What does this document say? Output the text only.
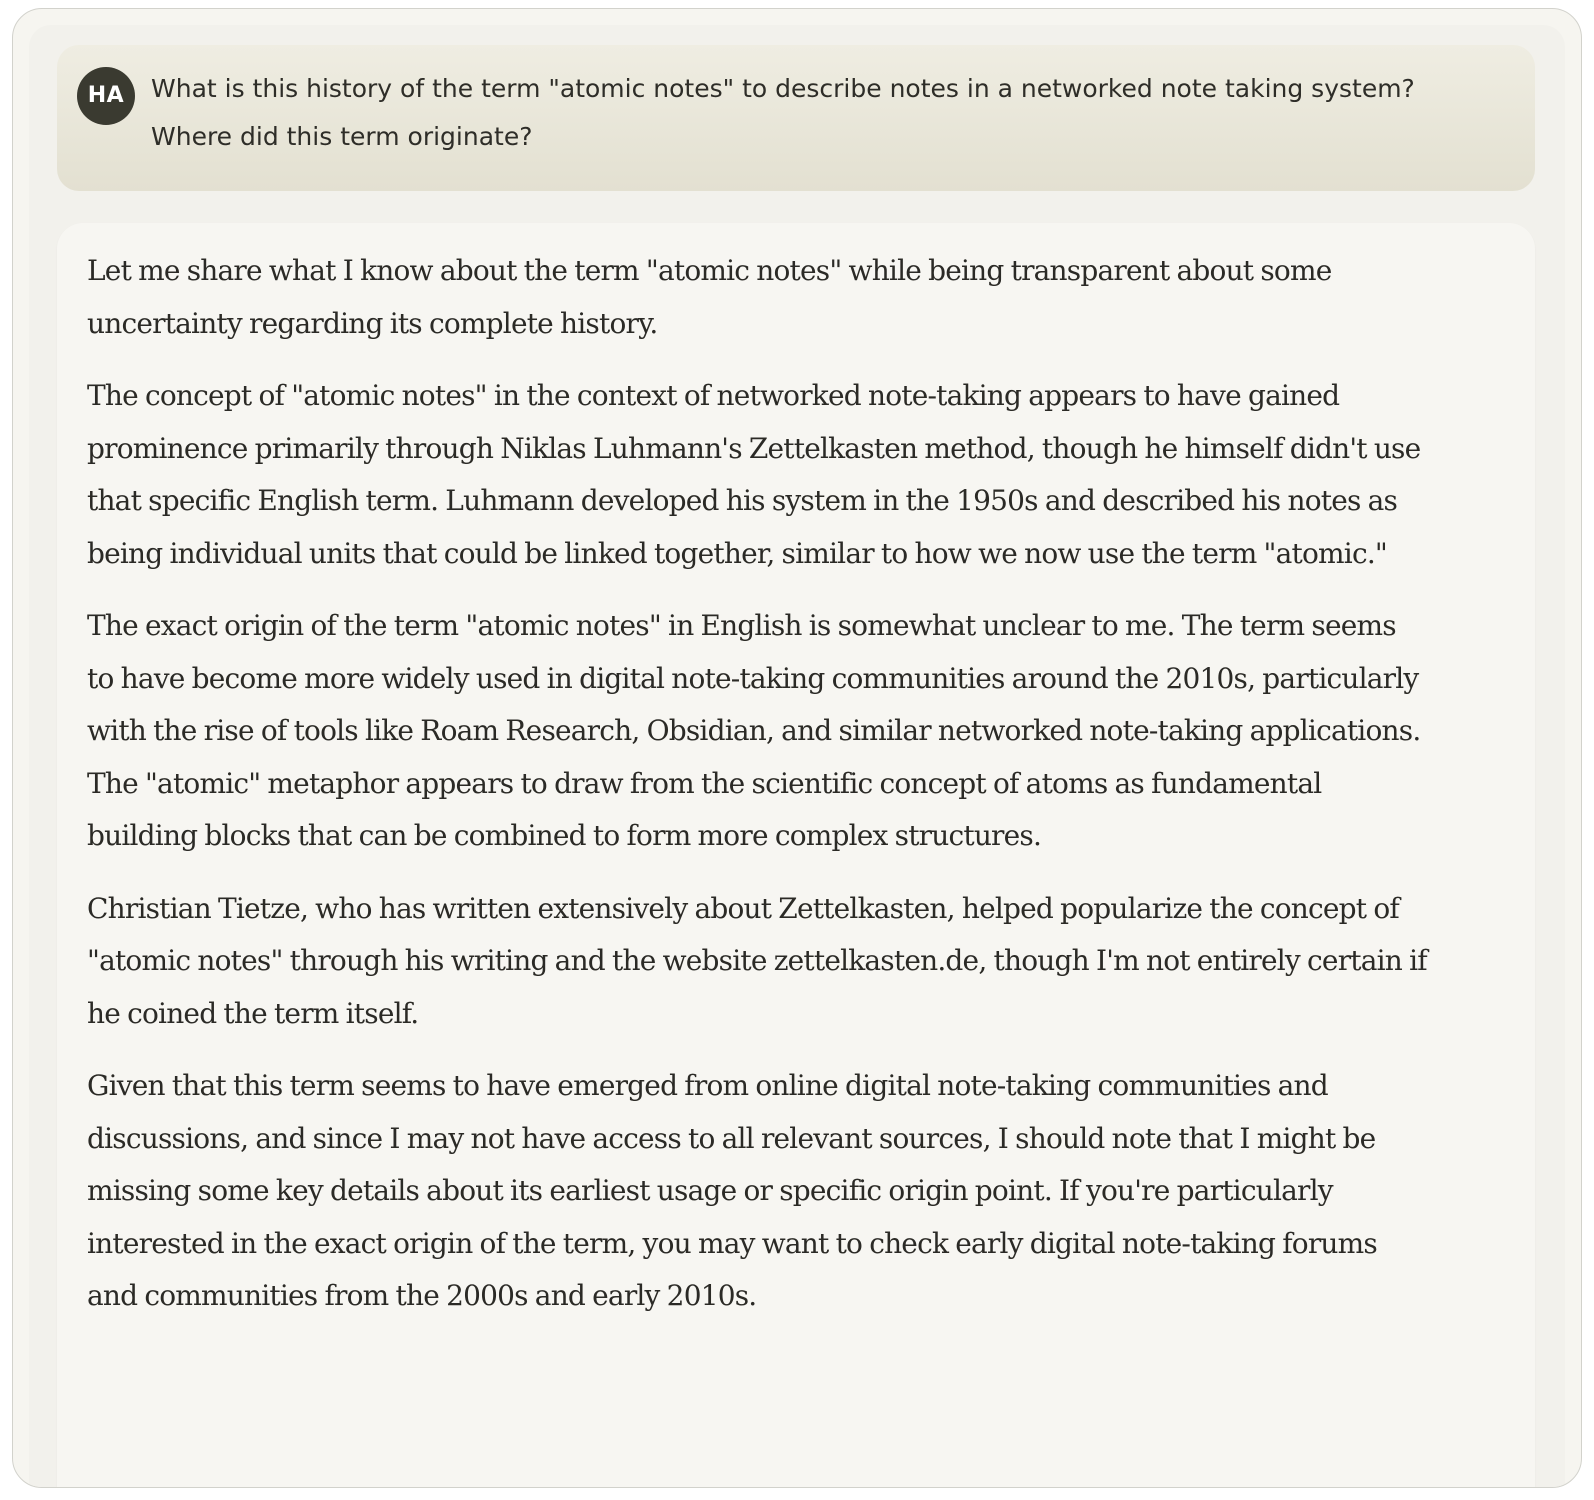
HA	What is this history of the term "atomic notes" to describe notes in a networked note taking system? Where did this term originate?

Let me share what I know about the term "atomic notes" while being transparent about some uncertainty regarding its complete history.

The concept of "atomic notes" in the context of networked note-taking appears to have gained prominence primarily through Niklas Luhmann's Zettelkasten method, though he himself didn't use that specific English term. Luhmann developed his system in the 1950s and described his notes as being individual units that could be linked together, similar to how we now use the term "atomic."

The exact origin of the term "atomic notes" in English is somewhat unclear to me. The term seems to have become more widely used in digital note-taking communities around the 2010s, particularly with the rise of tools like Roam Research, Obsidian, and similar networked note-taking applications. The "atomic" metaphor appears to draw from the scientific concept of atoms as fundamental building blocks that can be combined to form more complex structures.

Christian Tietze, who has written extensively about Zettelkasten, helped popularize the concept of "atomic notes" through his writing and the website zettelkasten.de, though I'm not entirely certain if he coined the term itself.

Given that this term seems to have emerged from online digital note-taking communities and discussions, and since I may not have access to all relevant sources, I should note that I might be missing some key details about its earliest usage or specific origin point. If you're particularly interested in the exact origin of the term, you may want to check early digital note-taking forums and communities from the 2000s and early 2010s.
